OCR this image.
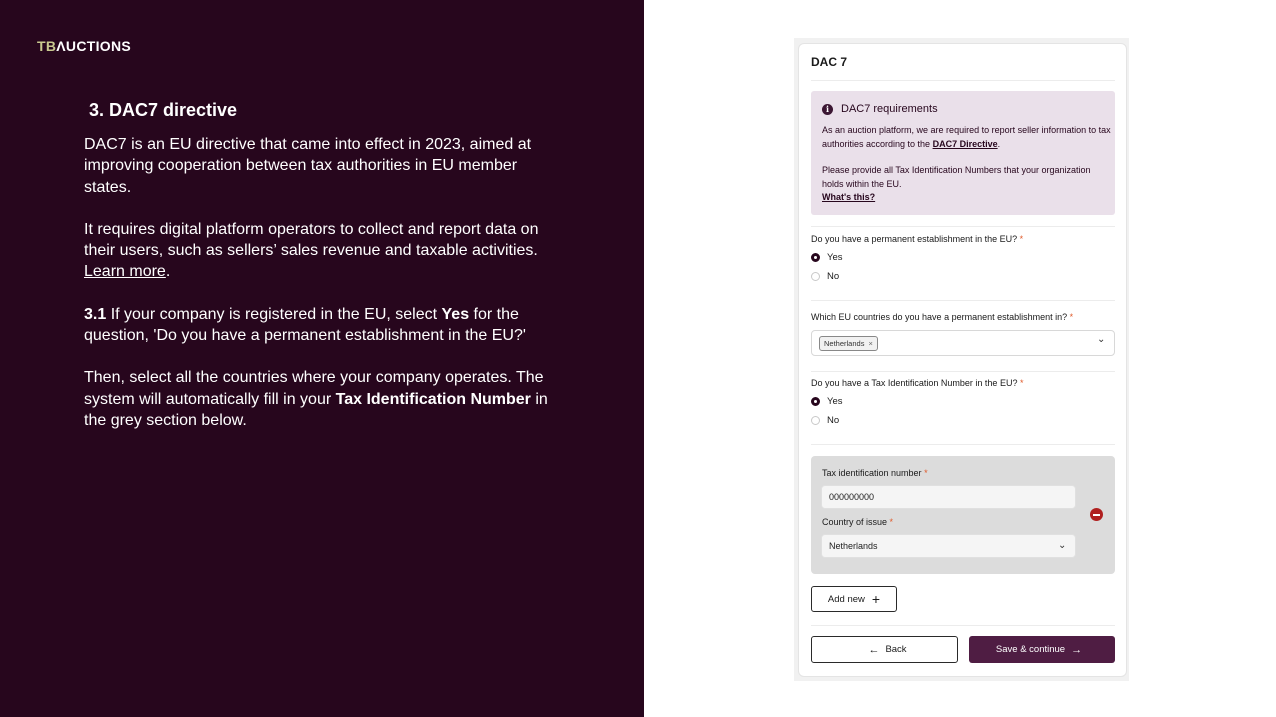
TBΛUCTIONS
3. DAC7 directive

DAC7 is an EU directive that came into effect in 2023, aimed at improving cooperation between tax authorities in EU member states.

It requires digital platform operators to collect and report data on their users, such as sellers’ sales revenue and taxable activities. Learn more.

3.1 If your company is registered in the EU, select Yes for the question, 'Do you have a permanent establishment in the EU?'

Then, select all the countries where your company operates. The system will automatically fill in your Tax Identification Number in the grey section below.

DAC 7
i	DAC7 requirements

As an auction platform, we are required to report seller information to tax authorities according to the DAC7 Directive.

Please provide all Tax Identification Numbers that your organization holds within the EU.
What's this?

Do you have a permanent establishment in the EU? *
Yes
No
Which EU countries do you have a permanent establishment in? *
Netherlands ×	⌄
Do you have a Tax Identification Number in the EU? *
Yes
No
Tax identification number *
000000000
Country of issue *
Netherlands	⌄
Add new +
← Back	Save & continue →
